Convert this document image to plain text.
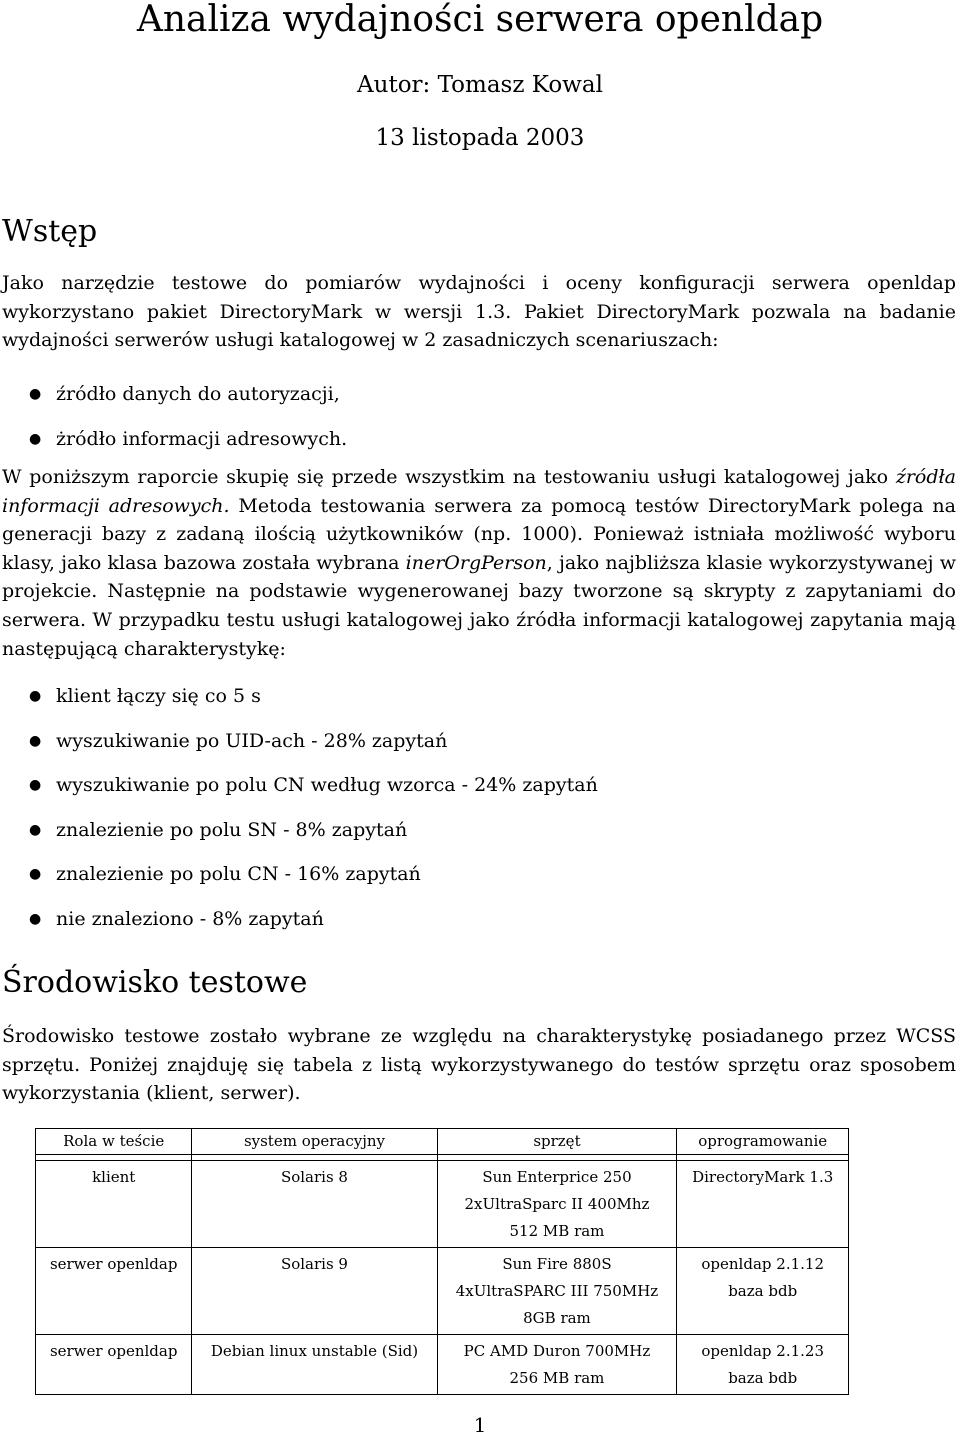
Analiza wydajności serwera openldap
Autor: Tomasz Kowal
13 listopada 2003
Wstęp

Jako narzędzie testowe do pomiarów wydajności i oceny konfiguracji serwera openldap wykorzystano pakiet DirectoryMark w wersji 1.3. Pakiet DirectoryMark pozwala na badanie wydajności serwerów usługi katalogowej w 2 zasadniczych scenariuszach:

● źródło danych do autoryzacji,
● żródło informacji adresowych.

W poniższym raporcie skupię się przede wszystkim na testowaniu usługi katalogowej jako źródła informacji adresowych. Metoda testowania serwera za pomocą testów DirectoryMark polega na generacji bazy z zadaną ilością użytkowników (np. 1000). Ponieważ istniała możliwość wyboru klasy, jako klasa bazowa została wybrana inerOrgPerson, jako najbliższa klasie wykorzystywanej w projekcie. Następnie na podstawie wygenerowanej bazy tworzone są skrypty z zapytaniami do serwera. W przypadku testu usługi katalogowej jako źródła informacji katalogowej zapytania mają następującą charakterystykę:

● klient łączy się co 5 s
● wyszukiwanie po UID-ach - 28% zapytań
● wyszukiwanie po polu CN według wzorca - 24% zapytań
● znalezienie po polu SN - 8% zapytań
● znalezienie po polu CN - 16% zapytań
● nie znaleziono - 8% zapytań
Środowisko testowe

Środowisko testowe zostało wybrane ze względu na charakterystykę posiadanego przez WCSS sprzętu. Poniżej znajduję się tabela z listą wykorzystywanego do testów sprzętu oraz sposobem wykorzystania (klient, serwer).

Rola w teście	system operacyjny	sprzęt	oprogramowanie

klient	Solaris 8	Sun Enterprice 250
2xUltraSparc II 400Mhz
512 MB ram	DirectoryMark 1.3

serwer openldap	Solaris 9	Sun Fire 880S
4xUltraSPARC III 750MHz
8GB ram	openldap 2.1.12
baza bdb

serwer openldap	Debian linux unstable (Sid)	PC AMD Duron 700MHz
256 MB ram	openldap 2.1.23
baza bdb
1
